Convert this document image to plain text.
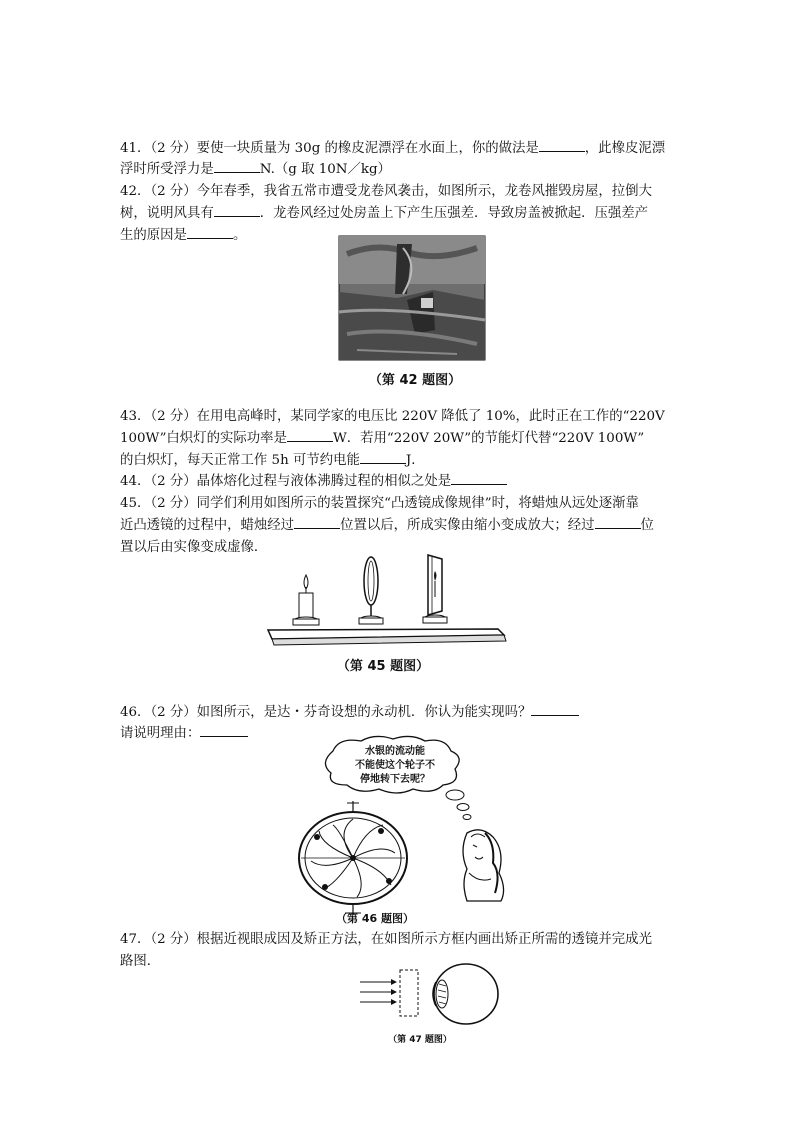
41．（2 分）要使一块质量为 30g 的橡皮泥漂浮在水面上，你的做法是	，此橡皮泥漂
浮时所受浮力是	N.（g 取 10N／kg）
42．（2 分）今年春季，我省五常市遭受龙卷风袭击，如图所示，龙卷风摧毁房屋，拉倒大
树，说明风具有	．龙卷风经过处房盖上下产生压强差．导致房盖被掀起．压强差产
生的原因是	。
（第 42 题图）
43．（2 分）在用电高峰时，某同学家的电压比 220V 降低了 10%，此时正在工作的“220V
100W”白炽灯的实际功率是	W．若用“220V 20W”的节能灯代替“220V 100W”
的白炽灯，每天正常工作 5h 可节约电能	J．
44．（2 分）晶体熔化过程与液体沸腾过程的相似之处是
45．（2 分）同学们利用如图所示的装置探究“凸透镜成像规律”时，将蜡烛从远处逐渐靠
近凸透镜的过程中，蜡烛经过	位置以后，所成实像由缩小变成放大；经过	位
置以后由实像变成虚像．
（第 45 题图）
46．（2 分）如图所示，是达・芬奇设想的永动机．你认为能实现吗？
请说明理由：
水银的流动能
不能使这个轮子不
停地转下去呢？
（第 46 题图）
47．（2 分）根据近视眼成因及矫正方法，在如图所示方框内画出矫正所需的透镜并完成光
路图．
（第 47 题图）
